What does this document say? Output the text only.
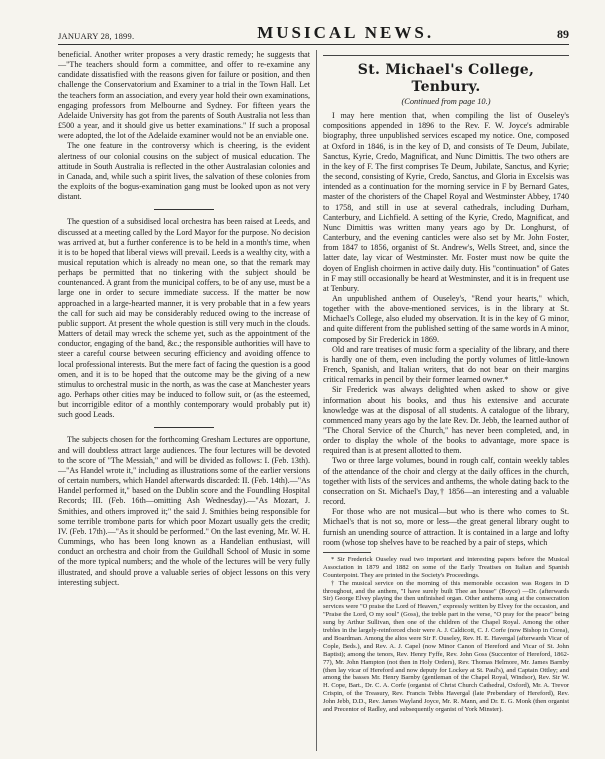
JANUARY 28, 1899.	MUSICAL NEWS.	89

beneficial. Another writer proposes a very drastic remedy; he suggests that—"The teachers should form a committee, and offer to re-examine any candidate dissatisfied with the reasons given for failure or position, and then challenge the Conservatorium and Examiner to a trial in the Town Hall. Let the teachers form an association, and every year hold their own examinations, engaging professors from Melbourne and Sydney. For fifteen years the Adelaide University has got from the parents of South Australia not less than £500 a year, and it should give us better examinations." If such a proposal were adopted, the lot of the Adelaide examiner would not be an enviable one.

The one feature in the controversy which is cheering, is the evident alertness of our colonial cousins on the subject of musical education. The attitude in South Australia is reflected in the other Australasian colonies and in Canada, and, while such a spirit lives, the salvation of these colonies from the exploits of the bogus-examination gang must be looked upon as not very distant.

The question of a subsidised local orchestra has been raised at Leeds, and discussed at a meeting called by the Lord Mayor for the purpose. No decision was arrived at, but a further conference is to be held in a month's time, when it is to be hoped that liberal views will prevail. Leeds is a wealthy city, with a musical reputation which is already no mean one, so that the remark may perhaps be permitted that no tinkering with the subject should be countenanced. A grant from the municipal coffers, to be of any use, must be a large one in order to secure immediate success. If the matter be now approached in a large-hearted manner, it is very probable that in a few years the call for such aid may be considerably reduced owing to the increase of public support. At present the whole question is still very much in the clouds. Matters of detail may wreck the scheme yet, such as the appointment of the conductor, engaging of the band, &c.; the responsible authorities will have to steer a careful course between securing efficiency and avoiding offence to local professional interests. But the mere fact of facing the question is a good omen, and it is to be hoped that the outcome may be the giving of a new stimulus to orchestral music in the north, as was the case at Manchester years ago. Perhaps other cities may be induced to follow suit, or (as the esteemed, but incorrigible editor of a monthly contemporary would probably put it) such good Leads.

The subjects chosen for the forthcoming Gresham Lectures are opportune, and will doubtless attract large audiences. The four lectures will be devoted to the score of "The Messiah," and will be divided as follows: I. (Feb. 13th).—"As Handel wrote it," including as illustrations some of the earlier versions of certain numbers, which Handel afterwards discarded: II. (Feb. 14th).—"As Handel performed it," based on the Dublin score and the Foundling Hospital Records; III. (Feb. 16th—omitting Ash Wednesday).—"As Mozart, J. Smithies, and others improved it;" the said J. Smithies being responsible for some terrible trombone parts for which poor Mozart usually gets the credit; IV. (Feb. 17th).—"As it should be performed." On the last evening, Mr. W. H. Cummings, who has been long known as a Handelian enthusiast, will conduct an orchestra and choir from the Guildhall School of Music in some of the more typical numbers; and the whole of the lectures will be very fully illustrated, and should prove a valuable series of object lessons on this very interesting subject.

St. Michael's College, Tenbury.
(Continued from page 10.)

I may here mention that, when compiling the list of Ouseley's compositions appended in 1896 to the Rev. F. W. Joyce's admirable biography, three unpublished services escaped my notice. One, composed at Oxford in 1846, is in the key of D, and consists of Te Deum, Jubilate, Sanctus, Kyrie, Credo, Magnificat, and Nunc Dimittis. The two others are in the key of F. The first comprises Te Deum, Jubilate, Sanctus, and Kyrie; the second, consisting of Kyrie, Credo, Sanctus, and Gloria in Excelsis was intended as a continuation for the morning service in F by Bernard Gates, master of the choristers of the Chapel Royal and Westminster Abbey, 1740 to 1758, and still in use at several cathedrals, including Durham, Canterbury, and Lichfield. A setting of the Kyrie, Credo, Magnificat, and Nunc Dimittis was written many years ago by Dr. Longhurst, of Canterbury, and the evening canticles were also set by Mr. John Foster, from 1847 to 1856, organist of St. Andrew's, Wells Street, and, since the latter date, lay vicar of Westminster. Mr. Foster must now be quite the doyen of English choirmen in active daily duty. His "continuation" of Gates in F may still occasionally be heard at Westminster, and it is in frequent use at Tenbury.

An unpublished anthem of Ouseley's, "Rend your hearts," which, together with the above-mentioned services, is in the library at St. Michael's College, also eluded my observation. It is in the key of G minor, and quite different from the published setting of the same words in A minor, composed by Sir Frederick in 1869.

Old and rare treatises of music form a speciality of the library, and there is hardly one of them, even including the portly volumes of little-known French, Spanish, and Italian writers, that do not bear on their margins critical remarks in pencil by their former learned owner.*

Sir Frederick was always delighted when asked to show or give information about his books, and thus his extensive and accurate knowledge was at the disposal of all students. A catalogue of the library, commenced many years ago by the late Rev. Dr. Jebb, the learned author of "The Choral Service of the Church," has never been completed, and, in order to display the whole of the books to advantage, more space is required than is at present allotted to them.

Two or three large volumes, bound in rough calf, contain weekly tables of the attendance of the choir and clergy at the daily offices in the church, together with lists of the services and anthems, the whole dating back to the consecration on St. Michael's Day,† 1856—an interesting and a valuable record.

For those who are not musical—but who is there who comes to St. Michael's that is not so, more or less—the great general library ought to furnish an unending source of attraction. It is contained in a large and lofty room (whose top shelves have to be reached by a pair of steps, which

* Sir Frederick Ouseley read two important and interesting papers before the Musical Association in 1879 and 1882 on some of the Early Treatises on Italian and Spanish Counterpoint. They are printed in the Society's Proceedings.

† The musical service on the morning of this memorable occasion was Rogers in D throughout, and the anthem, "I have surely built Thee an house" (Boyce) —Dr. (afterwards Sir) George Elvey playing the then unfinished organ. Other anthems sung at the consecration services were "O praise the Lord of Heaven," expressly written by Elvey for the occasion, and "Praise the Lord, O my soul" (Goss), the treble part in the verse, "O pray for the peace" being sung by Arthur Sullivan, then one of the children of the Chapel Royal. Among the other trebles in the largely-reinforced choir were A. J. Caldicott, C. J. Corfe (now Bishop in Corea), and Boardman. Among the altos were Sir F. Ouseley, Rev. H. E. Havergal (afterwards Vicar of Cople, Beds.), and Rev. A. J. Capel (now Minor Canon of Hereford and Vicar of St. John Baptist); among the tenors, Rev. Henry Fyffe, Rev. John Goss (Succentor of Hereford, 1862-77), Mr. John Hampton (not then in Holy Orders), Rev. Thomas Helmore, Mr. James Barnby (then lay vicar of Hereford and now deputy for Lockey at St. Paul's), and Captain Ottley; and among the basses Mr. Henry Barnby (gentleman of the Chapel Royal, Windsor), Rev. Sir W. H. Cope, Bart., Dr. C. A. Corfe (organist of Christ Church Cathedral, Oxford), Mr. A. Trevor Crispin, of the Treasury, Rev. Francis Tebbs Havergal (late Prebendary of Hereford), Rev. John Jebb, D.D., Rev. James Wayland Joyce, Mr. R. Mann, and Dr. E. G. Monk (then organist and Precentor of Radley, and subsequently organist of York Minster).
